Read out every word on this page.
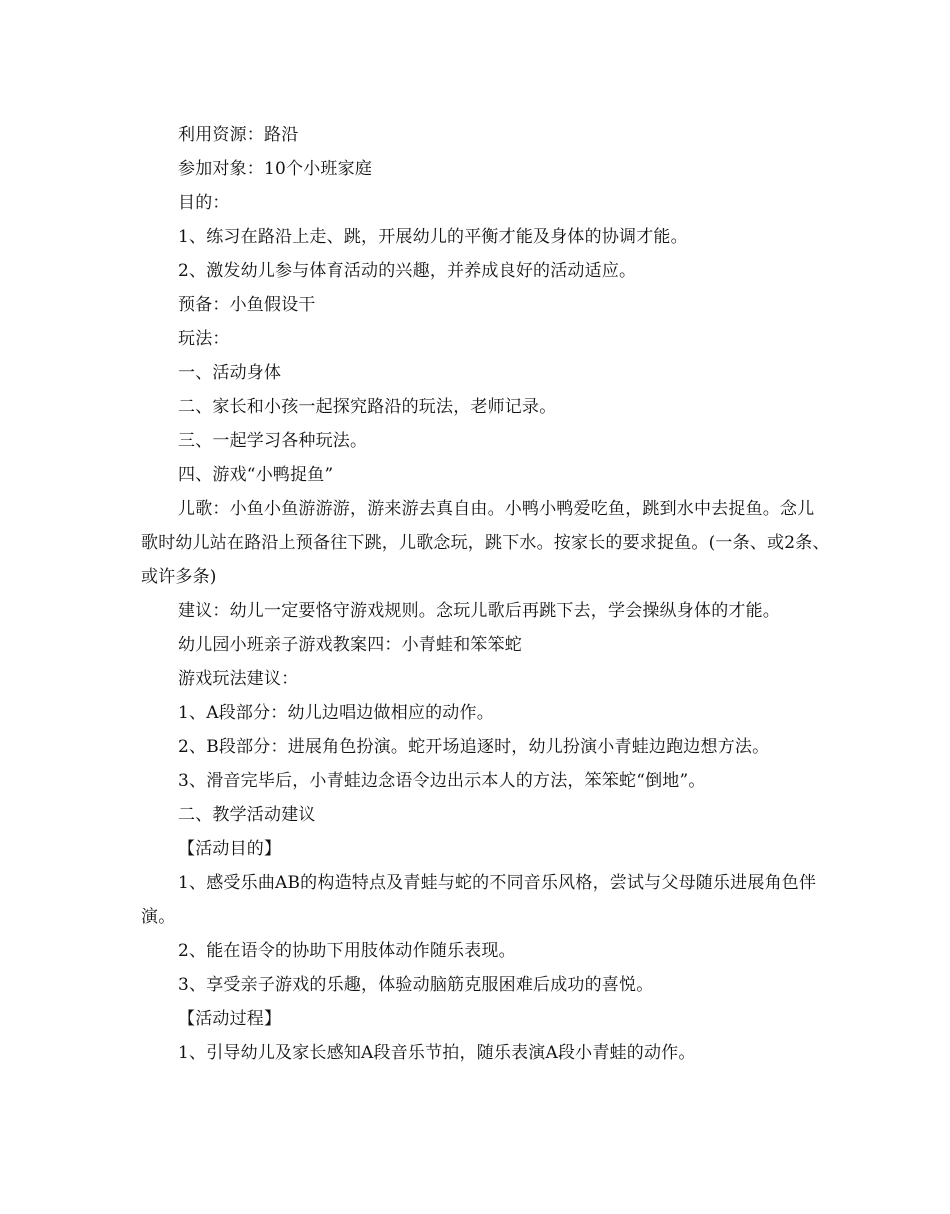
利用资源：路沿

参加对象：10个小班家庭

目的：

1、练习在路沿上走、跳，开展幼儿的平衡才能及身体的协调才能。

2、激发幼儿参与体育活动的兴趣，并养成良好的活动适应。

预备：小鱼假设干

玩法：

一、活动身体

二、家长和小孩一起探究路沿的玩法，老师记录。

三、一起学习各种玩法。

四、游戏“小鸭捉鱼”

儿歌：小鱼小鱼游游游，游来游去真自由。小鸭小鸭爱吃鱼，跳到水中去捉鱼。念儿歌时幼儿站在路沿上预备往下跳，儿歌念玩，跳下水。按家长的要求捉鱼。(一条、或2条、或许多条)

建议：幼儿一定要恪守游戏规则。念玩儿歌后再跳下去，学会操纵身体的才能。

幼儿园小班亲子游戏教案四：小青蛙和笨笨蛇

游戏玩法建议：

1、A段部分：幼儿边唱边做相应的动作。

2、B段部分：进展角色扮演。蛇开场追逐时，幼儿扮演小青蛙边跑边想方法。

3、滑音完毕后，小青蛙边念语令边出示本人的方法，笨笨蛇“倒地”。

二、教学活动建议

【活动目的】

1、感受乐曲AB的构造特点及青蛙与蛇的不同音乐风格，尝试与父母随乐进展角色伴演。

2、能在语令的协助下用肢体动作随乐表现。

3、享受亲子游戏的乐趣，体验动脑筋克服困难后成功的喜悦。

【活动过程】

1、引导幼儿及家长感知A段音乐节拍，随乐表演A段小青蛙的动作。
